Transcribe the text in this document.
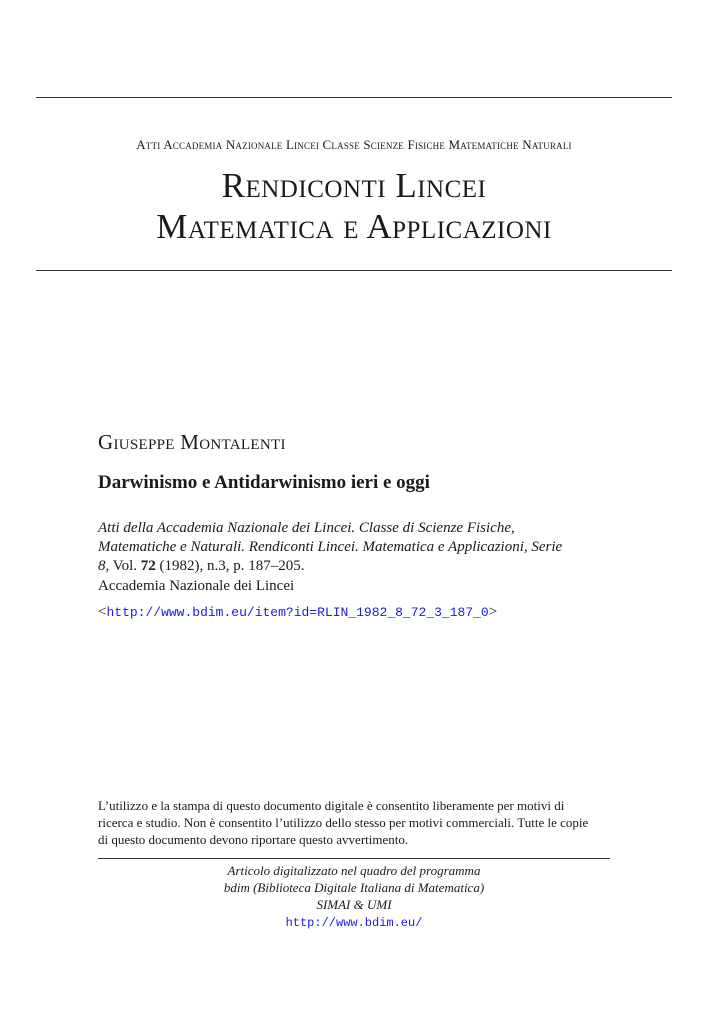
Atti Accademia Nazionale Lincei Classe Scienze Fisiche Matematiche Naturali
Rendiconti Lincei
Matematica e Applicazioni
Giuseppe Montalenti
Darwinismo e Antidarwinismo ieri e oggi
Atti della Accademia Nazionale dei Lincei. Classe di Scienze Fisiche,
Matematiche e Naturali. Rendiconti Lincei. Matematica e Applicazioni, Serie
8, Vol. 72 (1982), n.3, p. 187–205.
Accademia Nazionale dei Lincei
<http://www.bdim.eu/item?id=RLIN_1982_8_72_3_187_0>
L’utilizzo e la stampa di questo documento digitale è consentito liberamente per motivi di
ricerca e studio. Non è consentito l’utilizzo dello stesso per motivi commerciali. Tutte le copie
di questo documento devono riportare questo avvertimento.
Articolo digitalizzato nel quadro del programma
bdim (Biblioteca Digitale Italiana di Matematica)
SIMAI & UMI
http://www.bdim.eu/
